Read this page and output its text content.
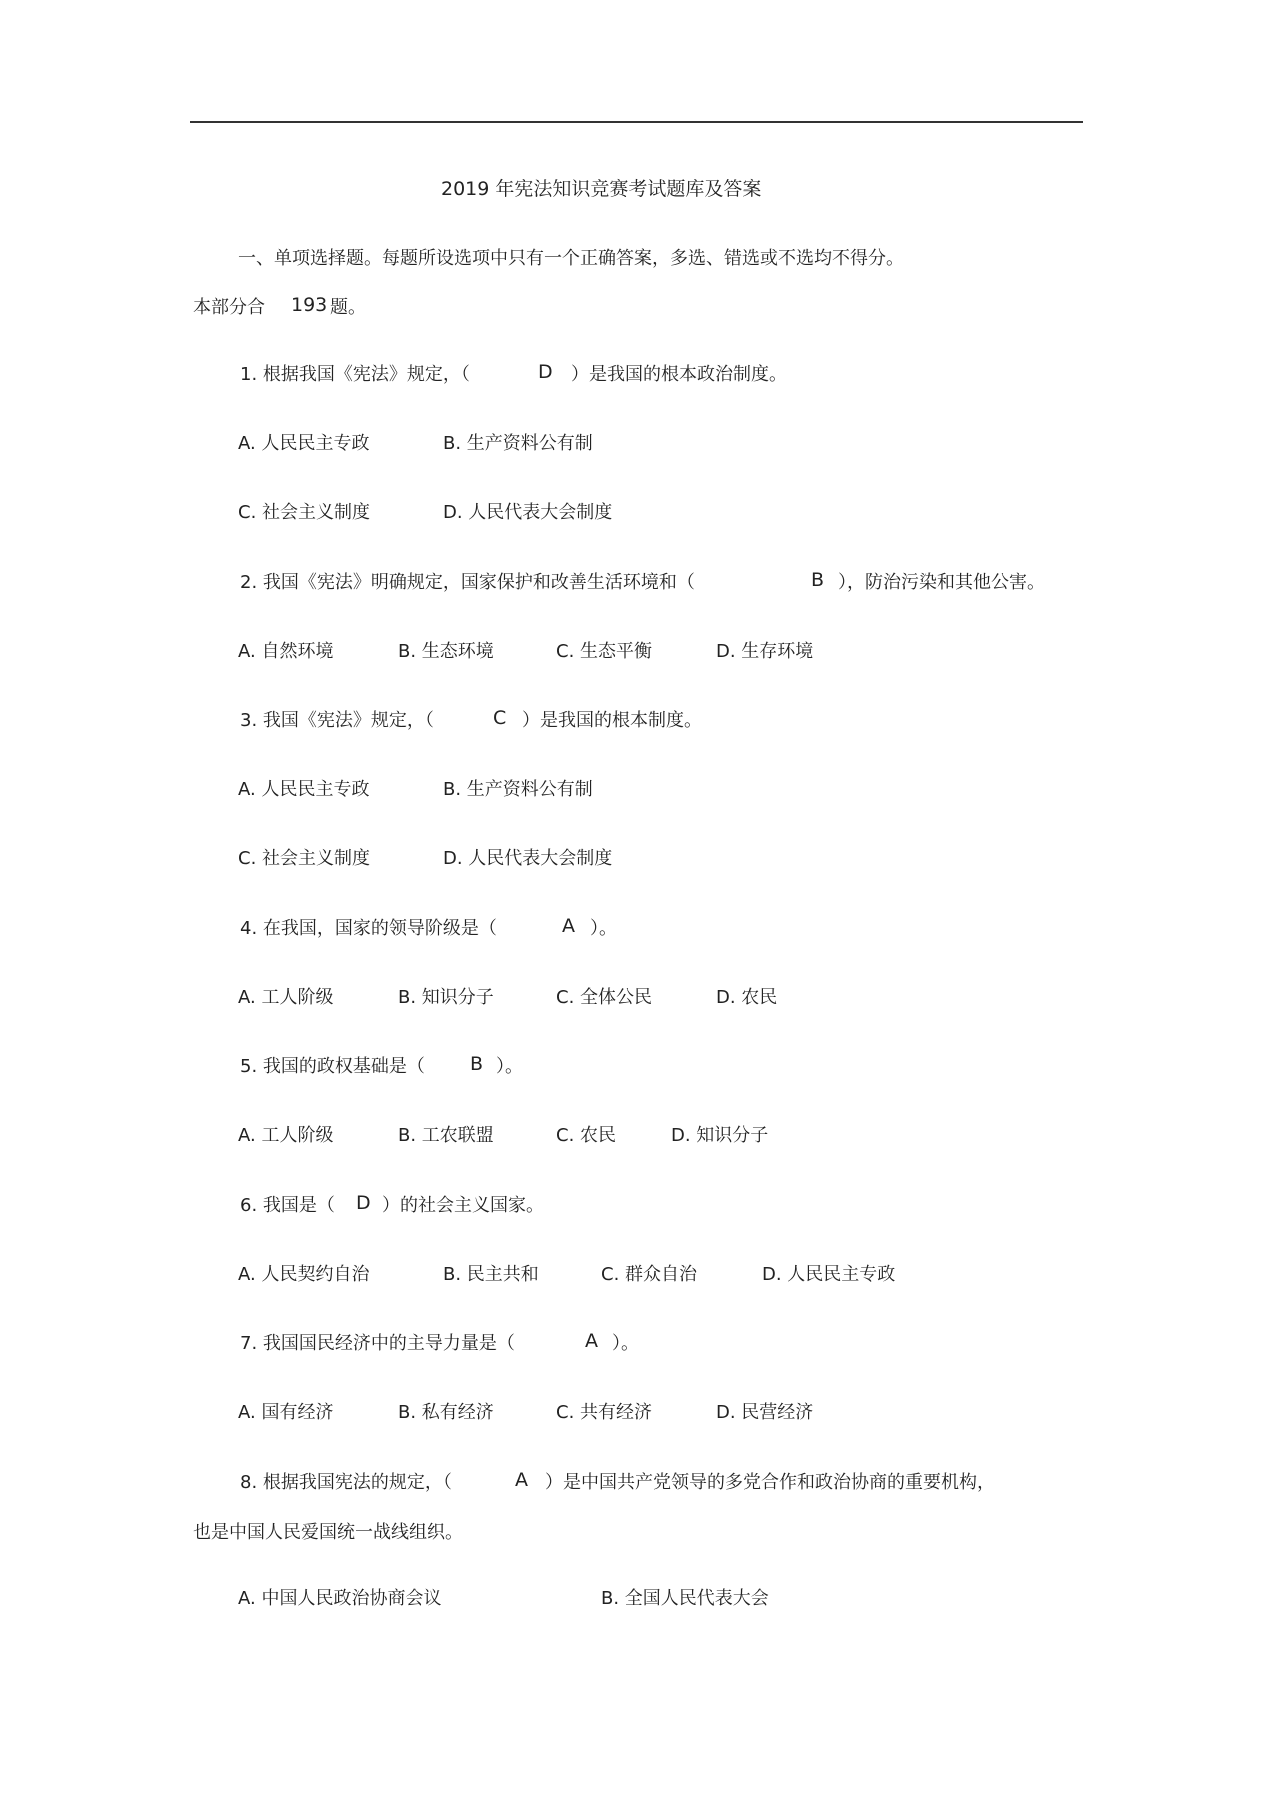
2019 年宪法知识竞赛考试题库及答案
一、单项选择题。每题所设选项中只有一个正确答案，多选、错选或不选均不得分。
本部分合 193 题。
1. 根据我国《宪法》规定，（	D ）是我国的根本政治制度。
A. 人民民主专政	B. 生产资料公有制
C. 社会主义制度	D. 人民代表大会制度
2. 我国《宪法》明确规定，国家保护和改善生活环境和（	B ），防治污染和其他公害。
A. 自然环境	B. 生态环境	C. 生态平衡	D. 生存环境
3. 我国《宪法》规定，（	C ）是我国的根本制度。
A. 人民民主专政	B. 生产资料公有制
C. 社会主义制度	D. 人民代表大会制度
4. 在我国，国家的领导阶级是（	A ）。
A. 工人阶级	B. 知识分子	C. 全体公民	D. 农民
5. 我国的政权基础是（ B ）。
A. 工人阶级	B. 工农联盟	C. 农民	D. 知识分子
6. 我国是（ D ）的社会主义国家。
A. 人民契约自治	B. 民主共和	C. 群众自治	D. 人民民主专政
7. 我国国民经济中的主导力量是（	A ）。
A. 国有经济	B. 私有经济	C. 共有经济	D. 民营经济
8. 根据我国宪法的规定，（	A ）是中国共产党领导的多党合作和政治协商的重要机构，
也是中国人民爱国统一战线组织。
A. 中国人民政治协商会议	B. 全国人民代表大会
